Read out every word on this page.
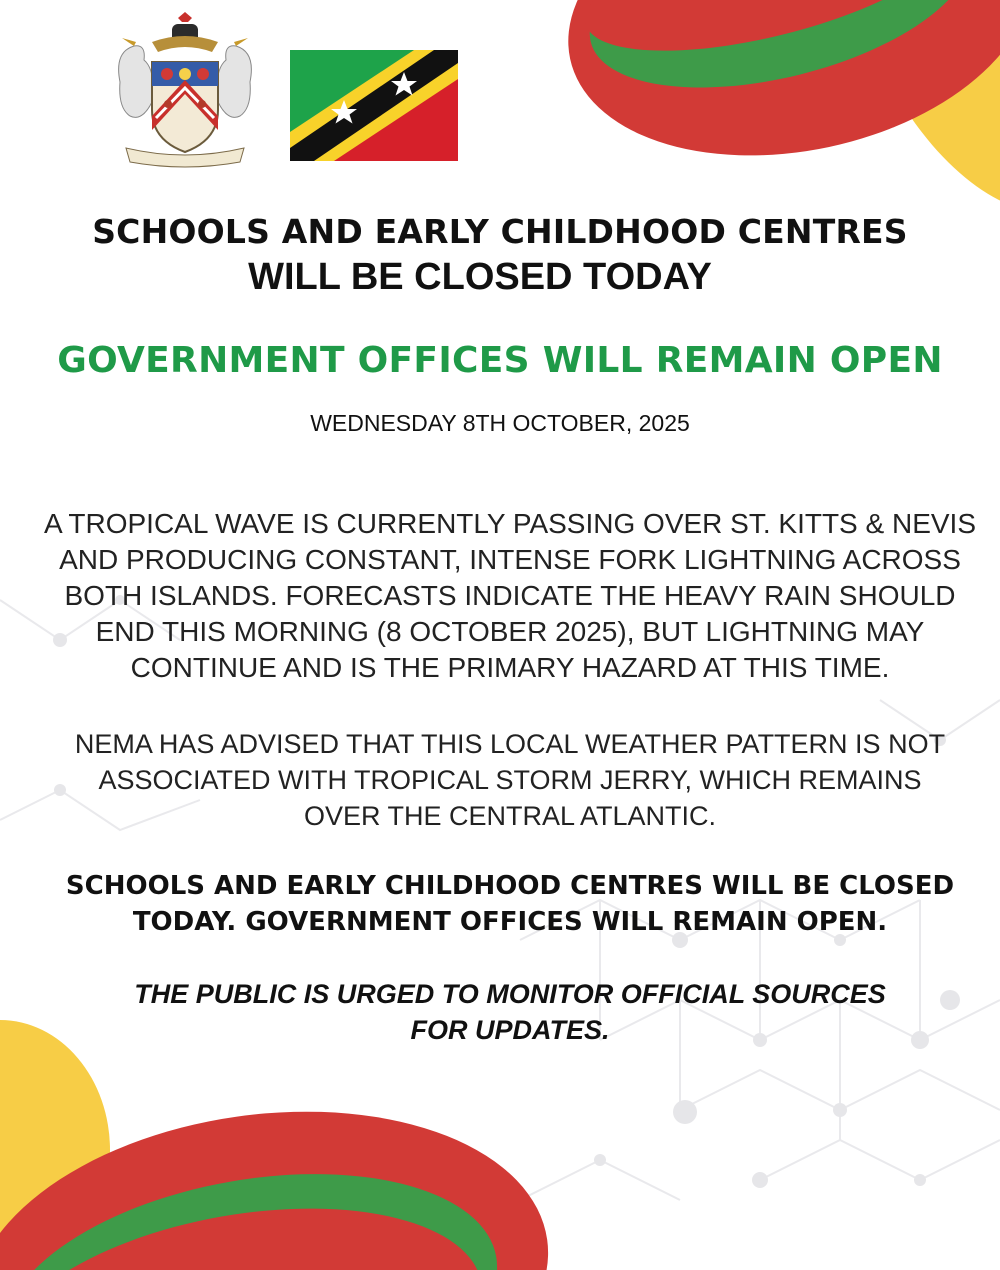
SCHOOLS AND EARLY CHILDHOOD CENTRES
WILL BE CLOSED TODAY
GOVERNMENT OFFICES WILL REMAIN OPEN

WEDNESDAY 8TH OCTOBER, 2025

A TROPICAL WAVE IS CURRENTLY PASSING OVER ST. KITTS & NEVIS
AND PRODUCING CONSTANT, INTENSE FORK LIGHTNING ACROSS
BOTH ISLANDS. FORECASTS INDICATE THE HEAVY RAIN SHOULD
END THIS MORNING (8 OCTOBER 2025), BUT LIGHTNING MAY
CONTINUE AND IS THE PRIMARY HAZARD AT THIS TIME.

NEMA HAS ADVISED THAT THIS LOCAL WEATHER PATTERN IS NOT
ASSOCIATED WITH TROPICAL STORM JERRY, WHICH REMAINS
OVER THE CENTRAL ATLANTIC.

SCHOOLS AND EARLY CHILDHOOD CENTRES WILL BE CLOSED
TODAY. GOVERNMENT OFFICES WILL REMAIN OPEN.

THE PUBLIC IS URGED TO MONITOR OFFICIAL SOURCES
FOR UPDATES.
